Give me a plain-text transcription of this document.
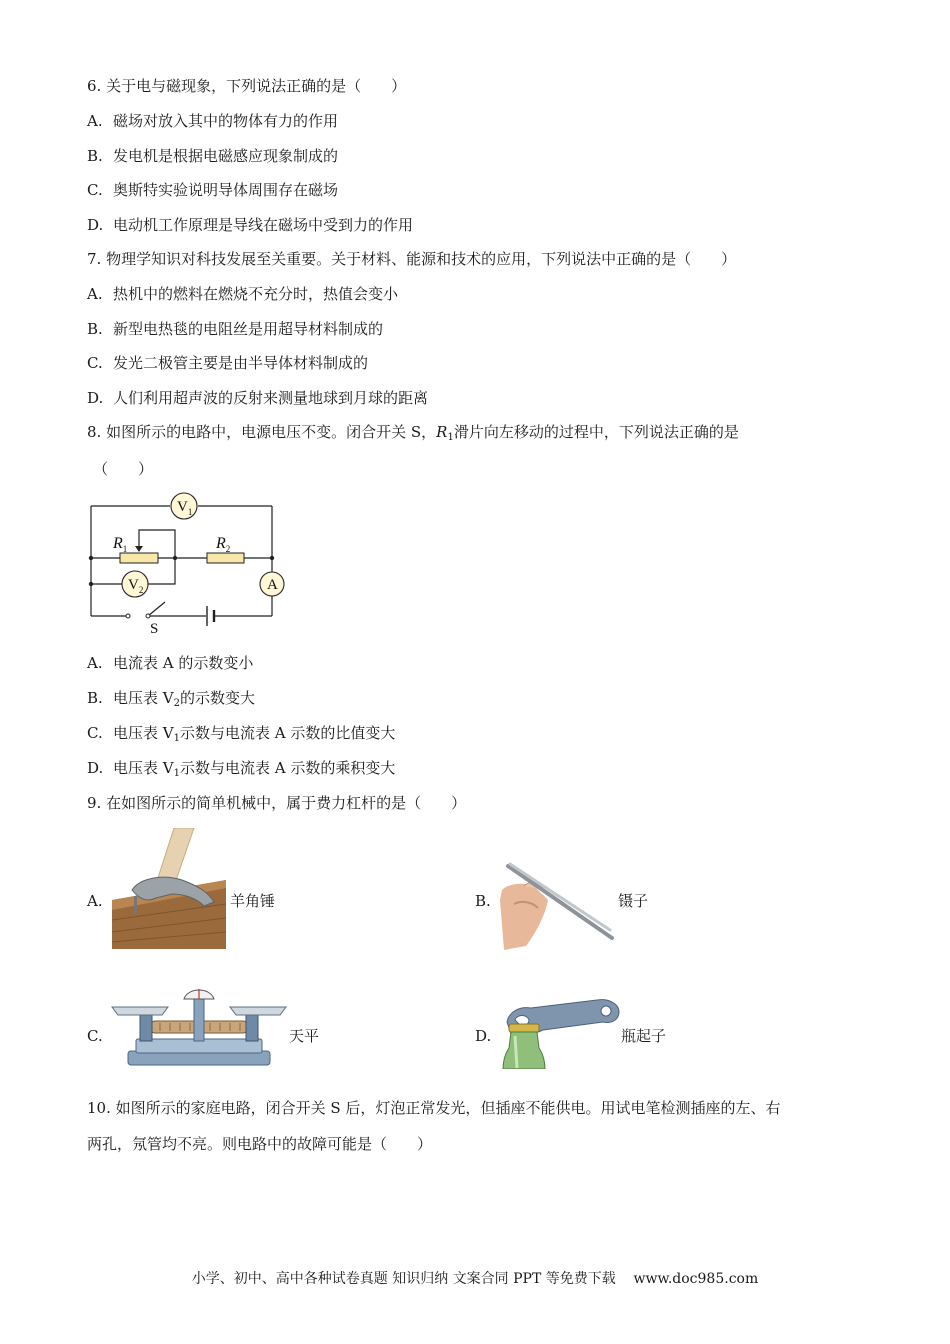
6. 关于电与磁现象，下列说法正确的是（　　）
A. 磁场对放入其中的物体有力的作用
B. 发电机是根据电磁感应现象制成的
C. 奥斯特实验说明导体周围存在磁场
D. 电动机工作原理是导线在磁场中受到力的作用
7. 物理学知识对科技发展至关重要。关于材料、能源和技术的应用，下列说法中正确的是（　　）
A. 热机中的燃料在燃烧不充分时，热值会变小
B. 新型电热毯的电阻丝是用超导材料制成的
C. 发光二极管主要是由半导体材料制成的
D. 人们利用超声波的反射来测量地球到月球的距离
8. 如图所示的电路中，电源电压不变。闭合开关 S，$R_1$滑片向左移动的过程中，下列说法正确的是
（　　）
$V_1$
$V_2$	A
$R_1$	$R_2$
S
A. 电流表 A 的示数变小
B. 电压表 $V_2$的示数变大
C. 电压表 $V_1$示数与电流表 A 示数的比值变大
D. 电压表 $V_1$示数与电流表 A 示数的乘积变大
9. 在如图所示的简单机械中，属于费力杠杆的是（　　）
A.	羊角锤	B.	镊子
C.	天平	D.	瓶起子
10. 如图所示的家庭电路，闭合开关 S 后，灯泡正常发光，但插座不能供电。用试电笔检测插座的左、右
两孔，氖管均不亮。则电路中的故障可能是（　　）
小学、初中、高中各种试卷真题 知识归纳 文案合同 PPT 等免费下载 www.doc985.com
